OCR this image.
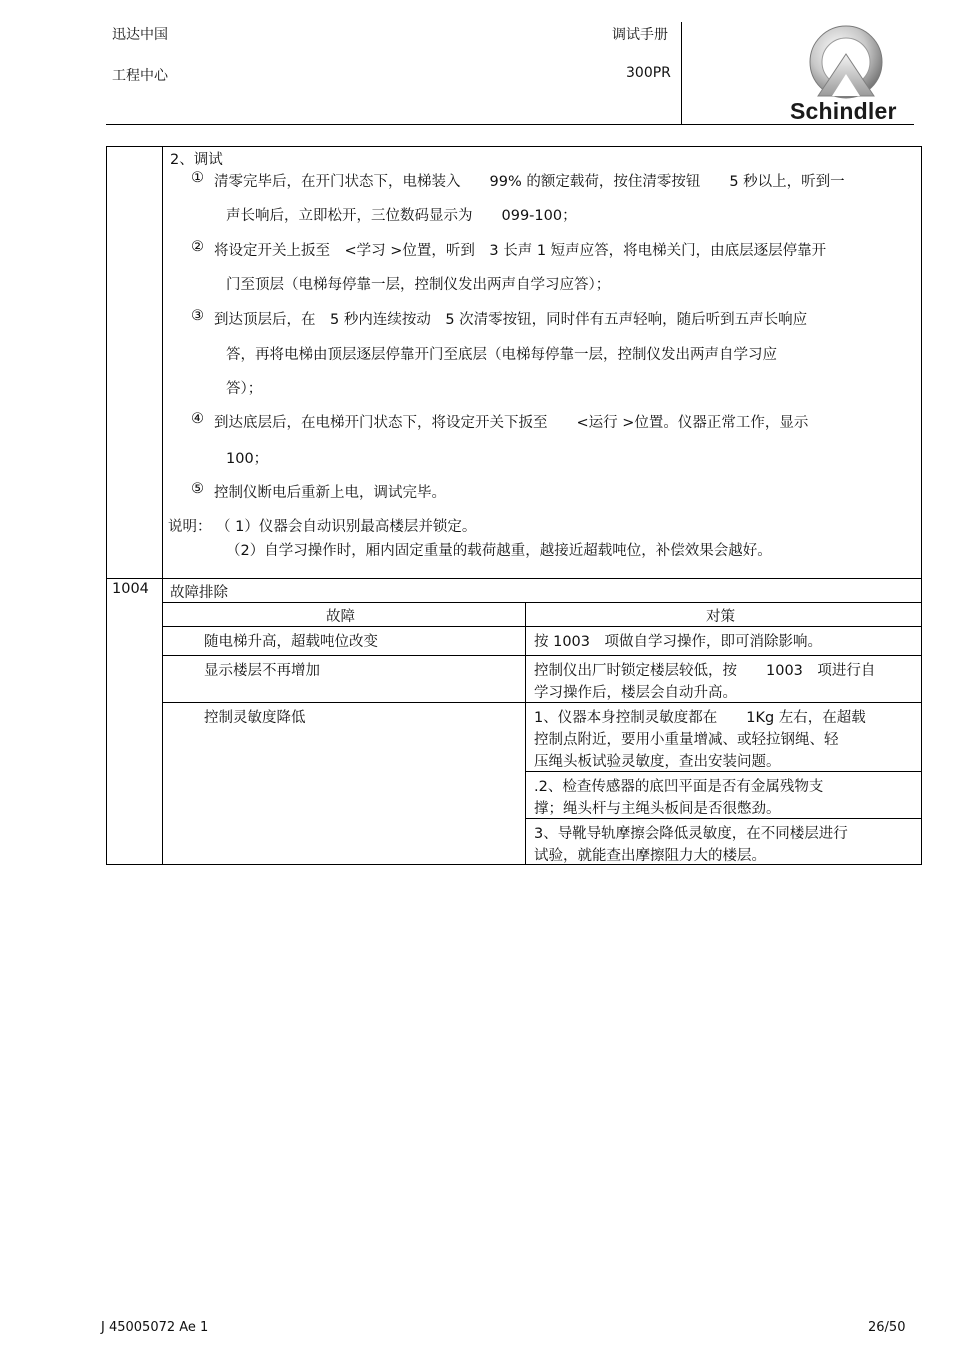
迅达中国
工程中心
调试手册
300PR
Schindler
2、调试
① 清零完毕后，在开门状态下，电梯装入　　99% 的额定载荷，按住清零按钮　　5 秒以上，听到一
声长响后，立即松开，三位数码显示为　　099-100；
② 将设定开关上扳至　<学习 >位置，听到　3 长声 1 短声应答，将电梯关门，由底层逐层停靠开
门至顶层（电梯每停靠一层，控制仪发出两声自学习应答）；
③ 到达顶层后，在　5 秒内连续按动　5 次清零按钮，同时伴有五声轻响，随后听到五声长响应
答，再将电梯由顶层逐层停靠开门至底层（电梯每停靠一层，控制仪发出两声自学习应
答）；
④ 到达底层后，在电梯开门状态下，将设定开关下扳至　　<运行 >位置。仪器正常工作，显示
100；
⑤ 控制仪断电后重新上电，调试完毕。
说明： （ 1）仪器会自动识别最高楼层并锁定。
（2）自学习操作时，厢内固定重量的载荷越重，越接近超载吨位，补偿效果会越好。
1004 故障排除
故障	对策
随电梯升高，超载吨位改变	按 1003　项做自学习操作，即可消除影响。
显示楼层不再增加	控制仪出厂时锁定楼层较低，按　　1003　项进行自
学习操作后，楼层会自动升高。
控制灵敏度降低	1、仪器本身控制灵敏度都在　　1Kg 左右，在超载
控制点附近，要用小重量增减、或轻拉钢绳、轻
压绳头板试验灵敏度，查出安装问题。
.2、检查传感器的底凹平面是否有金属残物支
撑；绳头杆与主绳头板间是否很憋劲。
3、导靴导轨摩擦会降低灵敏度，在不同楼层进行
试验，就能查出摩擦阻力大的楼层。
J 45005072 Ae 1	26/50
